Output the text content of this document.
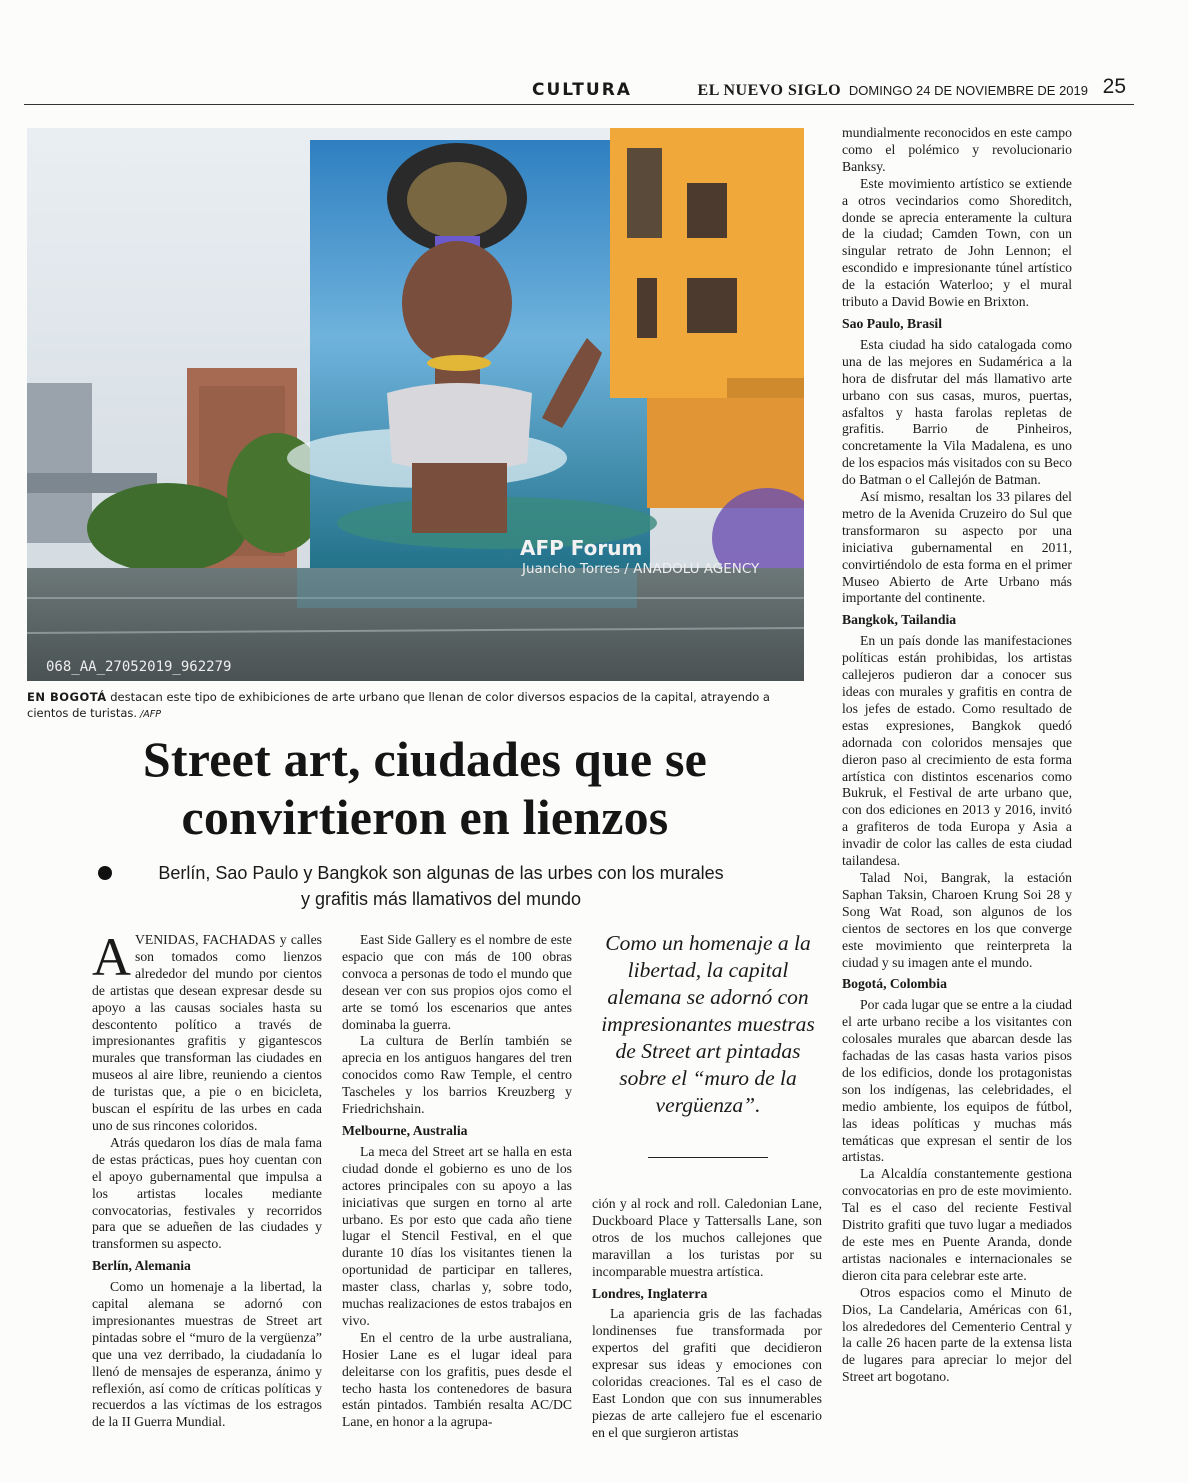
CULTURA	EL NUEVO SIGLO DOMINGO 24 DE NOVIEMBRE DE 2019 25
AFP Forum
Juancho Torres / ANADOLU AGENCY
068_AA_27052019_962279
EN BOGOTÁ destacan este tipo de exhibiciones de arte urbano que llenan de color diversos espacios de la capital, atrayendo a cientos de turistas. /AFP
Street art, ciudades que se
convirtieron en lienzos
Berlín, Sao Paulo y Bangkok son algunas de las urbes con los murales
y grafitis más llamativos del mundo

AVENIDAS, FACHADAS y calles son tomados como lienzos alrededor del mundo por cientos de artistas que desean expresar desde su apoyo a las causas sociales hasta su descontento político a través de impresionantes grafitis y gigantescos murales que transforman las ciudades en museos al aire libre, reuniendo a cientos de turistas que, a pie o en bicicleta, buscan el espíritu de las urbes en cada uno de sus rincones coloridos.

Atrás quedaron los días de mala fama de estas prácticas, pues hoy cuentan con el apoyo gubernamental que impulsa a los artistas locales mediante convocatorias, festivales y recorridos para que se adueñen de las ciudades y transformen su aspecto.

Berlín, Alemania

Como un homenaje a la libertad, la capital alemana se adornó con impresionantes muestras de Street art pintadas sobre el “muro de la vergüenza” que una vez derribado, la ciudadanía lo llenó de mensajes de esperanza, ánimo y reflexión, así como de críticas políticas y recuerdos a las víctimas de los estragos de la II Guerra Mundial.

East Side Gallery es el nombre de este espacio que con más de 100 obras convoca a personas de todo el mundo que desean ver con sus propios ojos como el arte se tomó los escenarios que antes dominaba la guerra.

La cultura de Berlín también se aprecia en los antiguos hangares del tren conocidos como Raw Temple, el centro Tascheles y los barrios Kreuzberg y Friedrichshain.

Melbourne, Australia

La meca del Street art se halla en esta ciudad donde el gobierno es uno de los actores principales con su apoyo a las iniciativas que surgen en torno al arte urbano. Es por esto que cada año tiene lugar el Stencil Festival, en el que durante 10 días los visitantes tienen la oportunidad de participar en talleres, master class, charlas y, sobre todo, muchas realizaciones de estos trabajos en vivo.

En el centro de la urbe australiana, Hosier Lane es el lugar ideal para deleitarse con los grafitis, pues desde el techo hasta los contenedores de basura están pintados. También resalta AC/DC Lane, en honor a la agrupa-

Como un homenaje a la libertad, la capital alemana se adornó con impresionantes muestras de Street art pintadas sobre el “muro de la vergüenza”.

ción y al rock and roll. Caledonian Lane, Duckboard Place y Tattersalls Lane, son otros de los muchos callejones que maravillan a los turistas por su incomparable muestra artística.

Londres, Inglaterra

La apariencia gris de las fachadas londinenses fue transformada por expertos del grafiti que decidieron expresar sus ideas y emociones con coloridas creaciones. Tal es el caso de East London que con sus innumerables piezas de arte callejero fue el escenario en el que surgieron artistas

mundialmente reconocidos en este campo como el polémico y revolucionario Banksy.

Este movimiento artístico se extiende a otros vecindarios como Shoreditch, donde se aprecia enteramente la cultura de la ciudad; Camden Town, con un singular retrato de John Lennon; el escondido e impresionante túnel artístico de la estación Waterloo; y el mural tributo a David Bowie en Brixton.

Sao Paulo, Brasil

Esta ciudad ha sido catalogada como una de las mejores en Sudamérica a la hora de disfrutar del más llamativo arte urbano con sus casas, muros, puertas, asfaltos y hasta farolas repletas de grafitis. Barrio de Pinheiros, concretamente la Vila Madalena, es uno de los espacios más visitados con su Beco do Batman o el Callejón de Batman.

Así mismo, resaltan los 33 pilares del metro de la Avenida Cruzeiro do Sul que transformaron su aspecto por una iniciativa gubernamental en 2011, convirtiéndolo de esta forma en el primer Museo Abierto de Arte Urbano más importante del continente.

Bangkok, Tailandia

En un país donde las manifestaciones políticas están prohibidas, los artistas callejeros pudieron dar a conocer sus ideas con murales y grafitis en contra de los jefes de estado. Como resultado de estas expresiones, Bangkok quedó adornada con coloridos mensajes que dieron paso al crecimiento de esta forma artística con distintos escenarios como Bukruk, el Festival de arte urbano que, con dos ediciones en 2013 y 2016, invitó a grafiteros de toda Europa y Asia a invadir de color las calles de esta ciudad tailandesa.

Talad Noi, Bangrak, la estación Saphan Taksin, Charoen Krung Soi 28 y Song Wat Road, son algunos de los cientos de sectores en los que converge este movimiento que reinterpreta la ciudad y su imagen ante el mundo.

Bogotá, Colombia

Por cada lugar que se entre a la ciudad el arte urbano recibe a los visitantes con colosales murales que abarcan desde las fachadas de las casas hasta varios pisos de los edificios, donde los protagonistas son los indígenas, las celebridades, el medio ambiente, los equipos de fútbol, las ideas políticas y muchas más temáticas que expresan el sentir de los artistas.

La Alcaldía constantemente gestiona convocatorias en pro de este movimiento. Tal es el caso del reciente Festival Distrito grafiti que tuvo lugar a mediados de este mes en Puente Aranda, donde artistas nacionales e internacionales se dieron cita para celebrar este arte.

Otros espacios como el Minuto de Dios, La Candelaria, Américas con 61, los alrededores del Cementerio Central y la calle 26 hacen parte de la extensa lista de lugares para apreciar lo mejor del Street art bogotano.
